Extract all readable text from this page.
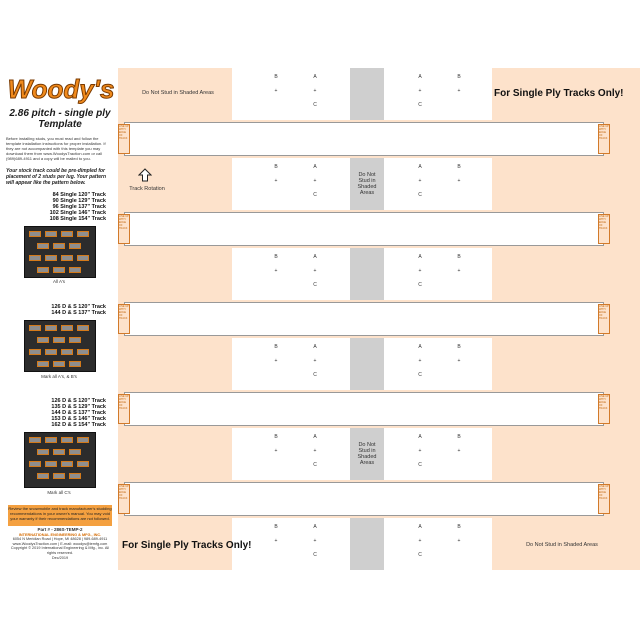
Woody's
2.86 pitch - single ply
Template
Before installing studs, you must read and follow the template installation instructions for proper installation. If they are not accompanied with this template you may download them from www.WoodysTraction.com or call (989)689-4911 and a copy will be mailed to you.
Your stock track could be pre-dimpled for placement of 2 studs per lug. Your pattern will appear like the pattern below.
84 Single 120" Track
90 Single 129" Track
96 Single 137" Track
102 Single 146" Track
108 Single 154" Track
All A's
126 D & S 120" Track
144 D & S 137" Track
Mark all A's, & B's
126 D & S 120" Track
135 D & S 129" Track
144 D & S 137" Track
153 D & S 146" Track
162 D & S 154" Track
Mark all C's
Review the snowmobile and track manufacturer's studding recommendations in your owner's manual. You may void your warranty if their recommendations are not followed.
Part # - 286S-TEMP-2
INTERNATIONAL ENGINEERING & MFG., INC.
6054 N Meridian Road | Hope, MI 48628 | 989-689-4911
www.WoodysTraction.com | E-mail: woodys@iemfg.com
Copyright © 2019 International Engineering & Mfg., Inc. All rights reserved.
Dec/2019
LINE UP WITH EDGE OF TRACK
LINE UP WITH EDGE OF TRACK
LINE UP WITH EDGE OF TRACK
LINE UP WITH EDGE OF TRACK
LINE UP WITH EDGE OF TRACK
LINE UP WITH EDGE OF TRACK
LINE UP WITH EDGE OF TRACK
LINE UP WITH EDGE OF TRACK
LINE UP WITH EDGE OF TRACK
LINE UP WITH EDGE OF TRACK
B	A	A	B
+	+	+	+
C	C
B	A	A	B
+	+	+	+
C	C
B	A	A	B
+	+	+	+
C	C
B	A	A	B
+	+	+	+
C	C
B	A	A	B
+	+	+	+
C	C
B	A	A	B
+	+	+	+
C	C
Do Not Stud in Shaded Areas	For Single Ply Tracks Only!
Track Rotation
Do Not
Stud in
Shaded
Areas
Do Not
Stud in
Shaded
Areas
For Single Ply Tracks Only!	Do Not Stud in Shaded Areas
